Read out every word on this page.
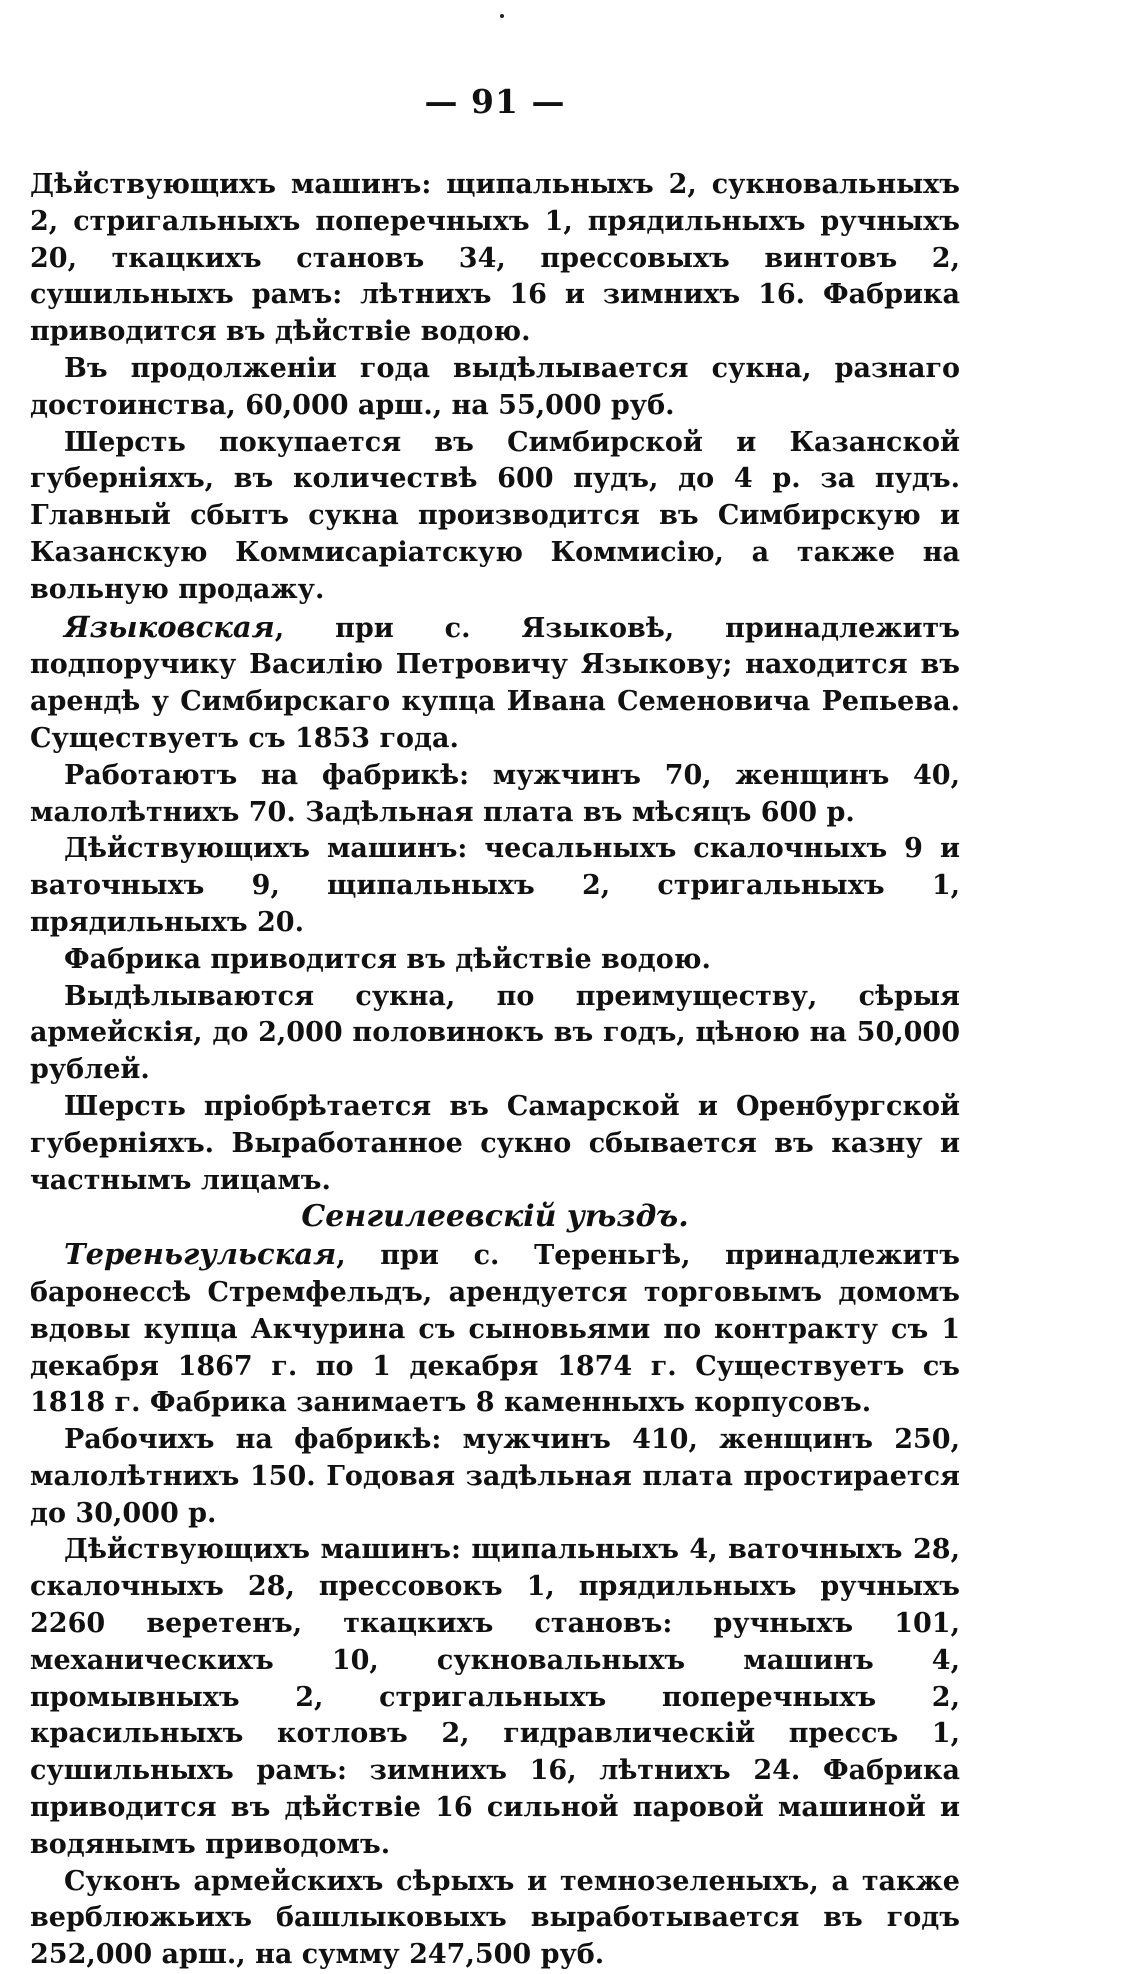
— 91 —

Дѣйствующихъ машинъ: щипальныхъ 2, сукновальныхъ 2, стригальныхъ поперечныхъ 1, прядильныхъ ручныхъ 20, ткацкихъ становъ 34, прессовыхъ винтовъ 2, сушильныхъ рамъ: лѣтнихъ 16 и зимнихъ 16. Фабрика приводится въ дѣйствіе водою.

Въ продолженіи года выдѣлывается сукна, разнаго достоинства, 60,000 арш., на 55,000 руб.

Шерсть покупается въ Симбирской и Казанской губерніяхъ, въ количествѣ 600 пудъ, до 4 р. за пудъ. Главный сбытъ сукна производится въ Симбирскую и Казанскую Коммисаріатскую Коммисію, а также на вольную продажу.

Языковская, при с. Языковѣ, принадлежитъ подпоручику Василію Петровичу Языкову; находится въ арендѣ у Симбирскаго купца Ивана Семеновича Репьева. Существуетъ съ 1853 года.

Работаютъ на фабрикѣ: мужчинъ 70, женщинъ 40, малолѣтнихъ 70. Задѣльная плата въ мѣсяцъ 600 р.

Дѣйствующихъ машинъ: чесальныхъ скалочныхъ 9 и ваточныхъ 9, щипальныхъ 2, стригальныхъ 1, прядильныхъ 20.

Фабрика приводится въ дѣйствіе водою.

Выдѣлываются сукна, по преимуществу, сѣрыя армейскія, до 2,000 половинокъ въ годъ, цѣною на 50,000 рублей.

Шерсть пріобрѣтается въ Самарской и Оренбургской губерніяхъ. Выработанное сукно сбывается въ казну и частнымъ лицамъ.

Сенгилеевскій уѣздъ.

Тереньгульская, при с. Тереньгѣ, принадлежитъ баронессѣ Стремфельдъ, арендуется торговымъ домомъ вдовы купца Акчурина съ сыновьями по контракту съ 1 декабря 1867 г. по 1 декабря 1874 г. Существуетъ съ 1818 г. Фабрика занимаетъ 8 каменныхъ корпусовъ.

Рабочихъ на фабрикѣ: мужчинъ 410, женщинъ 250, малолѣтнихъ 150. Годовая задѣльная плата простирается до 30,000 р.

Дѣйствующихъ машинъ: щипальныхъ 4, ваточныхъ 28, скалочныхъ 28, прессовокъ 1, прядильныхъ ручныхъ 2260 веретенъ, ткацкихъ становъ: ручныхъ 101, механическихъ 10, сукновальныхъ машинъ 4, промывныхъ 2, стригальныхъ поперечныхъ 2, красильныхъ котловъ 2, гидравлическій прессъ 1, сушильныхъ рамъ: зимнихъ 16, лѣтнихъ 24. Фабрика приводится въ дѣйствіе 16 сильной паровой машиной и водянымъ приводомъ.

Суконъ армейскихъ сѣрыхъ и темнозеленыхъ, а также верблюжьихъ башлыковыхъ выработывается въ годъ 252,000 арш., на сумму 247,500 руб.
